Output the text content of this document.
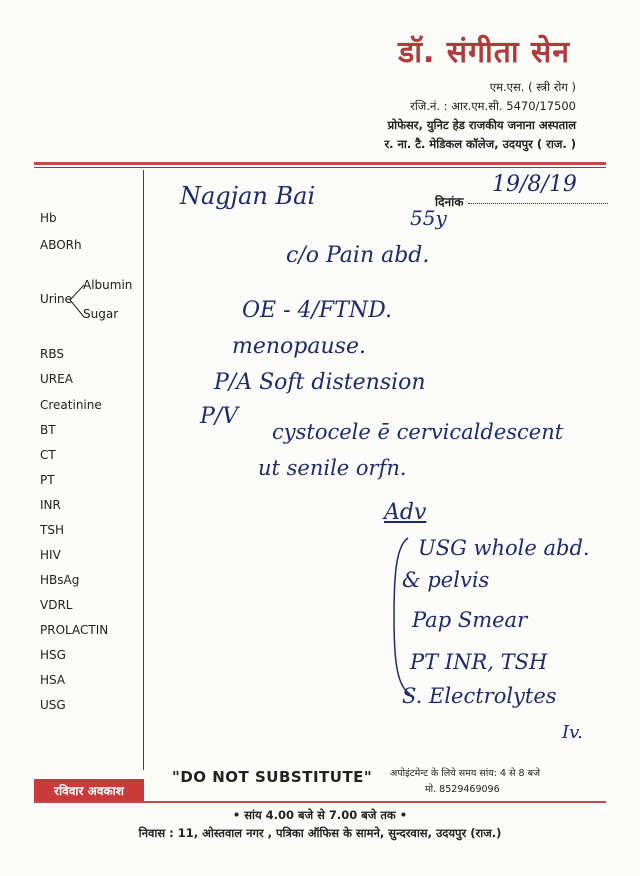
डॉ. संगीता सेन
एम.एस. ( स्त्री रोग )
रजि.नं. : आर.एम.सी. 5470/17500
प्रोफेसर, युनिट हेड राजकीय जनाना अस्पताल
र. ना. टै. मेडिकल कॉलेज, उदयपुर ( राज. )
Hb
ABORh
RBS
UREA
Creatinine
BT
CT
PT
INR
TSH
HIV
HBsAg
VDRL
PROLACTIN
HSG
HSA
USG
Urine
Albumin
Sugar
दिनांक
Nagjan Bai	19/8/19
55y
c/o Pain abd.
OE - 4/FTND.
menopause.
P/A Soft distension
P/V
cystocele ē cervicaldescent
ut senile orfn.
Adv
USG whole abd.
& pelvis
Pap Smear
PT INR, TSH
S. Electrolytes
Iv.
रविवार अवकाश
"DO NOT SUBSTITUTE" अपोइंटमेन्ट के लिये समय सांय: 4 से 8 बजे
मो. 8529469096
• सांय 4.00 बजे से 7.00 बजे तक •
निवास : 11, ओस्तवाल नगर , पत्रिका ऑफिस के सामने, सुन्दरवास, उदयपुर (राज.)
